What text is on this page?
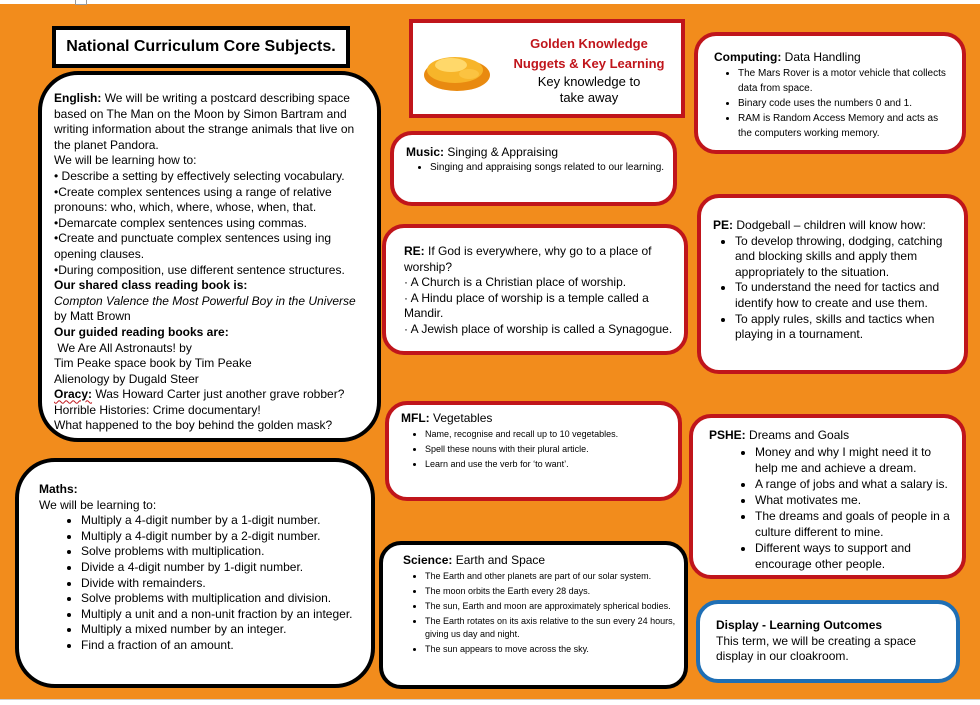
National Curriculum Core Subjects.
English: We will be writing a postcard describing space based on The Man on the Moon by Simon Bartram and writing information about the strange animals that live on the planet Pandora.
We will be learning how to:
• Describe a setting by effectively selecting vocabulary.
•Create complex sentences using a range of relative pronouns: who, which, where, whose, when, that.
•Demarcate complex sentences using commas.
•Create and punctuate complex sentences using ing opening clauses.
•During composition, use different sentence structures.
Our shared class reading book is:
Compton Valence the Most Powerful Boy in the Universe by Matt Brown
Our guided reading books are:
We Are All Astronauts! by
Tim Peake space book by Tim Peake
Alienology by Dugald Steer
Oracy: Was Howard Carter just another grave robber?
Horrible Histories: Crime documentary!
What happened to the boy behind the golden mask?
Maths:
We will be learning to:
• Multiply a 4-digit number by a 1-digit number.
• Multiply a 4-digit number by a 2-digit number.
• Solve problems with multiplication.
• Divide a 4-digit number by 1-digit number.
• Divide with remainders.
• Solve problems with multiplication and division.
• Multiply a unit and a non-unit fraction by an integer.
• Multiply a mixed number by an integer.
• Find a fraction of an amount.
Golden Knowledge
Nuggets & Key Learning
Key knowledge to
take away
Music: Singing & Appraising
• Singing and appraising songs related to our learning.
RE: If God is everywhere, why go to a place of worship?
· A Church is a Christian place of worship.
· A Hindu place of worship is a temple called a Mandir.
· A Jewish place of worship is called a Synagogue.
MFL: Vegetables
• Name, recognise and recall up to 10 vegetables.
• Spell these nouns with their plural article.
• Learn and use the verb for ‘to want’.
Science: Earth and Space
• The Earth and other planets are part of our solar system.
• The moon orbits the Earth every 28 days.
• The sun, Earth and moon are approximately spherical bodies.
• The Earth rotates on its axis relative to the sun every 24 hours, giving us day and night.
• The sun appears to move across the sky.
Computing: Data Handling
• The Mars Rover is a motor vehicle that collects data from space.
• Binary code uses the numbers 0 and 1.
• RAM is Random Access Memory and acts as the computers working memory.
PE: Dodgeball – children will know how:
• To develop throwing, dodging, catching and blocking skills and apply them appropriately to the situation.
• To understand the need for tactics and identify how to create and use them.
• To apply rules, skills and tactics when playing in a tournament.
PSHE: Dreams and Goals
• Money and why I might need it to help me and achieve a dream.
• A range of jobs and what a salary is.
• What motivates me.
• The dreams and goals of people in a culture different to mine.
• Different ways to support and encourage other people.
Display - Learning Outcomes
This term, we will be creating a space display in our cloakroom.
